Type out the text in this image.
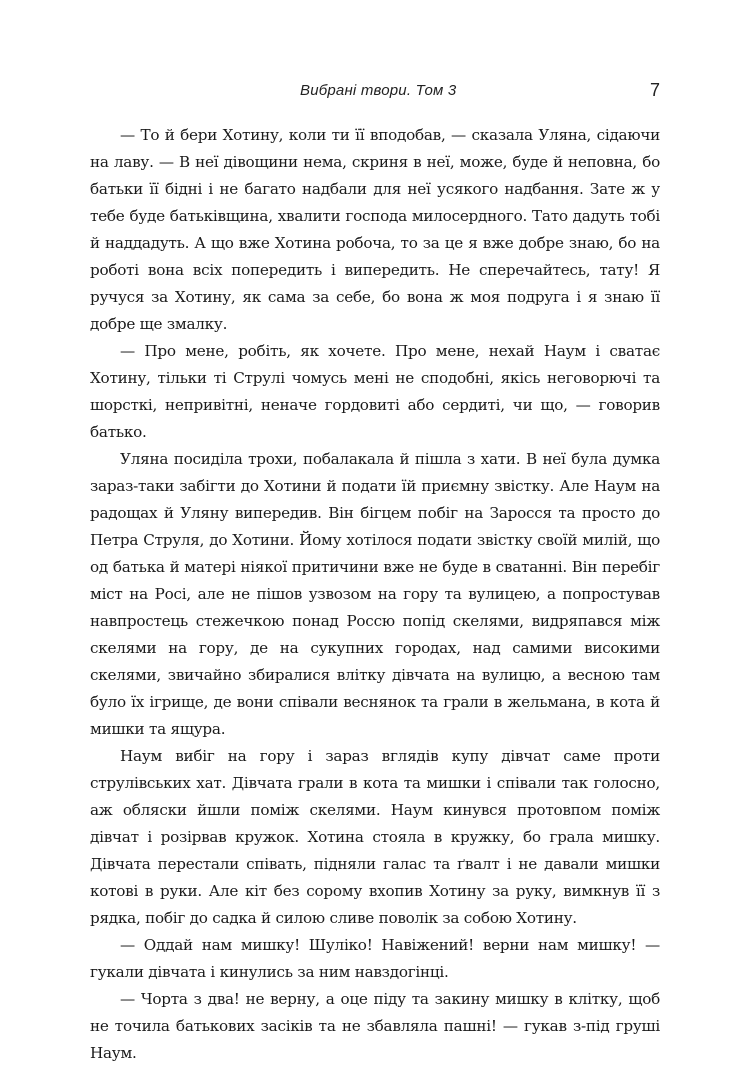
Вибрані твори. Том 3	7

— То й бери Хотину, коли ти її вподобав, — сказала Уляна, сідаючи на лаву. — В неї дівощини нема, скриня в неї, може, буде й неповна, бо батьки її бідні і не багато надбали для неї усякого надбання. Зате ж у тебе буде батьківщина, хвалити господа милосердного. Тато дадуть тобі й наддадуть. А що вже Хотина робоча, то за це я вже добре знаю, бо на роботі вона всіх попередить і випередить. Не сперечайтесь, тату! Я ручуся за Хотину, як сама за себе, бо вона ж моя подруга і я знаю її добре ще змалку.

— Про мене, робіть, як хочете. Про мене, нехай Наум і сватає Хотину, тільки ті Струлі чомусь мені не сподобні, якісь неговорючі та шорсткі, непривітні, неначе гордовиті або сердиті, чи що, — говорив батько.

Уляна посиділа трохи, побалакала й пішла з хати. В неї була думка зараз-таки забігти до Хотини й подати їй приємну звістку. Але Наум на радощах й Уляну випередив. Він бігцем побіг на Заросся та просто до Петра Струля, до Хотини. Йому хотілося подати звістку своїй милій, що од батька й матері ніякої притичини вже не буде в сватанні. Він перебіг міст на Росі, але не пішов узвозом на гору та вулицею, а попростував навпростець стежечкою понад Россю попід скелями, видряпався між скелями на гору, де на сукупних городах, над самими високими скелями, звичайно збиралися влітку дівчата на вулицю, а весною там було їх ігрище, де вони співали веснянок та грали в жельмана, в кота й мишки та ящура.

Наум вибіг на гору і зараз вглядів купу дівчат саме проти струлівських хат. Дівчата грали в кота та мишки і співали так голосно, аж обляски йшли поміж скелями. Наум кинувся протовпом поміж дівчат і розірвав кружок. Хотина стояла в кружку, бо грала мишку. Дівчата перестали співать, підняли галас та ґвалт і не давали мишки котові в руки. Але кіт без сорому вхопив Хотину за руку, вимкнув її з рядка, побіг до садка й силою сливе поволік за собою Хотину.

— Оддай нам мишку! Шуліко! Навіжений! верни нам мишку! — гукали дівчата і кинулись за ним навздогінці.

— Чорта з два! не верну, а оце піду та закину мишку в клітку, щоб не точила батькових засіків та не збавляла пашні! — гукав з-під груші Наум.
